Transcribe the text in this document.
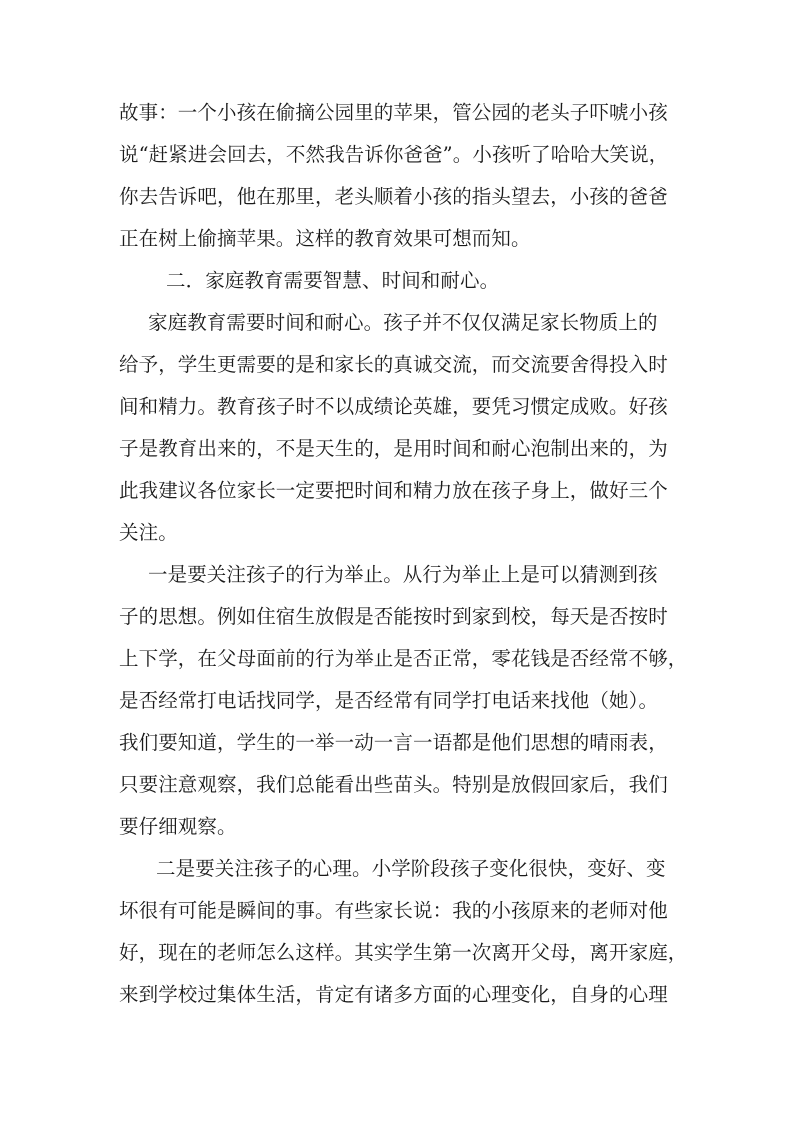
故事：一个小孩在偷摘公园里的苹果，管公园的老头子吓唬小孩
说“赶紧进会回去，不然我告诉你爸爸”。小孩听了哈哈大笑说，
你去告诉吧，他在那里，老头顺着小孩的指头望去，小孩的爸爸
正在树上偷摘苹果。这样的教育效果可想而知。
二．家庭教育需要智慧、时间和耐心。
家庭教育需要时间和耐心。孩子并不仅仅满足家长物质上的
给予，学生更需要的是和家长的真诚交流，而交流要舍得投入时
间和精力。教育孩子时不以成绩论英雄，要凭习惯定成败。好孩
子是教育出来的，不是天生的，是用时间和耐心泡制出来的，为
此我建议各位家长一定要把时间和精力放在孩子身上，做好三个
关注。
一是要关注孩子的行为举止。从行为举止上是可以猜测到孩
子的思想。例如住宿生放假是否能按时到家到校，每天是否按时
上下学，在父母面前的行为举止是否正常，零花钱是否经常不够，
是否经常打电话找同学，是否经常有同学打电话来找他（她）。
我们要知道，学生的一举一动一言一语都是他们思想的晴雨表，
只要注意观察，我们总能看出些苗头。特别是放假回家后，我们
要仔细观察。
二是要关注孩子的心理。小学阶段孩子变化很快，变好、变
坏很有可能是瞬间的事。有些家长说：我的小孩原来的老师对他
好，现在的老师怎么这样。其实学生第一次离开父母，离开家庭，
来到学校过集体生活，肯定有诸多方面的心理变化，自身的心理
